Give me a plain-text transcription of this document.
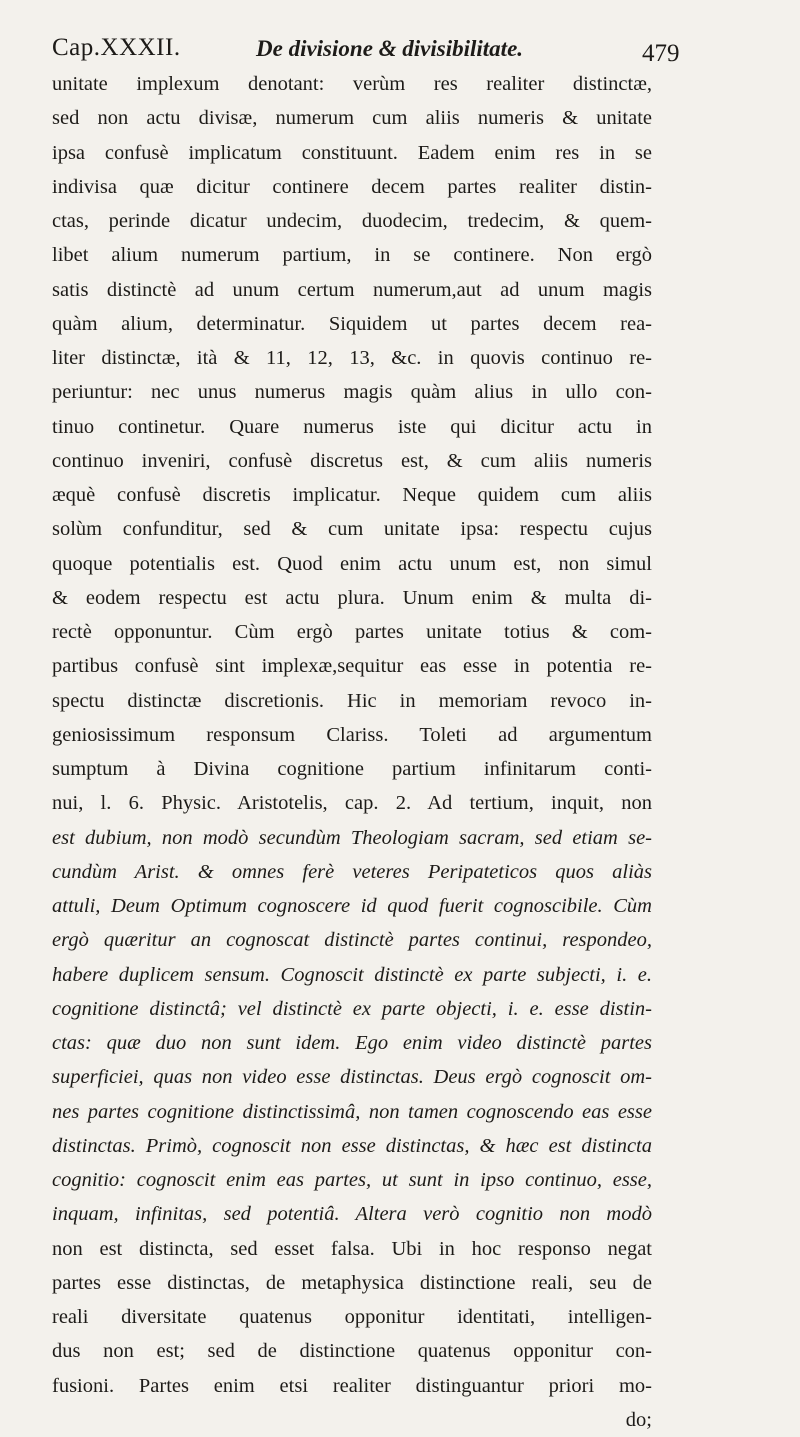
Cap.XXXII.	De divisione & divisibilitate.	479
unitate implexum denotant: verùm res realiter distinctæ,
sed non actu divisæ, numerum cum aliis numeris & unitate
ipsa confusè implicatum constituunt. Eadem enim res in se
indivisa quæ dicitur continere decem partes realiter distin-
ctas, perinde dicatur undecim, duodecim, tredecim, & quem-
libet alium numerum partium, in se continere. Non ergò
satis distinctè ad unum certum numerum,aut ad unum magis
quàm alium, determinatur. Siquidem ut partes decem rea-
liter distinctæ, ità & 11, 12, 13, &c. in quovis continuo re-
periuntur: nec unus numerus magis quàm alius in ullo con-
tinuo continetur. Quare numerus iste qui dicitur actu in
continuo inveniri, confusè discretus est, & cum aliis numeris
æquè confusè discretis implicatur. Neque quidem cum aliis
solùm confunditur, sed & cum unitate ipsa: respectu cujus
quoque potentialis est. Quod enim actu unum est, non simul
& eodem respectu est actu plura. Unum enim & multa di-
rectè opponuntur. Cùm ergò partes unitate totius & com-
partibus confusè sint implexæ,sequitur eas esse in potentia re-
spectu distinctæ discretionis. Hic in memoriam revoco in-
geniosissimum responsum Clariss. Toleti ad argumentum
sumptum à Divina cognitione partium infinitarum conti-
nui, l. 6. Physic. Aristotelis, cap. 2. Ad tertium, inquit, non
est dubium, non modò secundùm Theologiam sacram, sed etiam se-
cundùm Arist. & omnes ferè veteres Peripateticos quos aliàs
attuli, Deum Optimum cognoscere id quod fuerit cognoscibile. Cùm
ergò quæritur an cognoscat distinctè partes continui, respondeo,
habere duplicem sensum. Cognoscit distinctè ex parte subjecti, i. e.
cognitione distinctâ; vel distinctè ex parte objecti, i. e. esse distin-
ctas: quæ duo non sunt idem. Ego enim video distinctè partes
superficiei, quas non video esse distinctas. Deus ergò cognoscit om-
nes partes cognitione distinctissimâ, non tamen cognoscendo eas esse
distinctas. Primò, cognoscit non esse distinctas, & hæc est distincta
cognitio: cognoscit enim eas partes, ut sunt in ipso continuo, esse,
inquam, infinitas, sed potentiâ. Altera verò cognitio non modò
non est distincta, sed esset falsa. Ubi in hoc responso negat
partes esse distinctas, de metaphysica distinctione reali, seu de
reali diversitate quatenus opponitur identitati, intelligen-
dus non est; sed de distinctione quatenus opponitur con-
fusioni. Partes enim etsi realiter distinguantur priori mo-
do;
